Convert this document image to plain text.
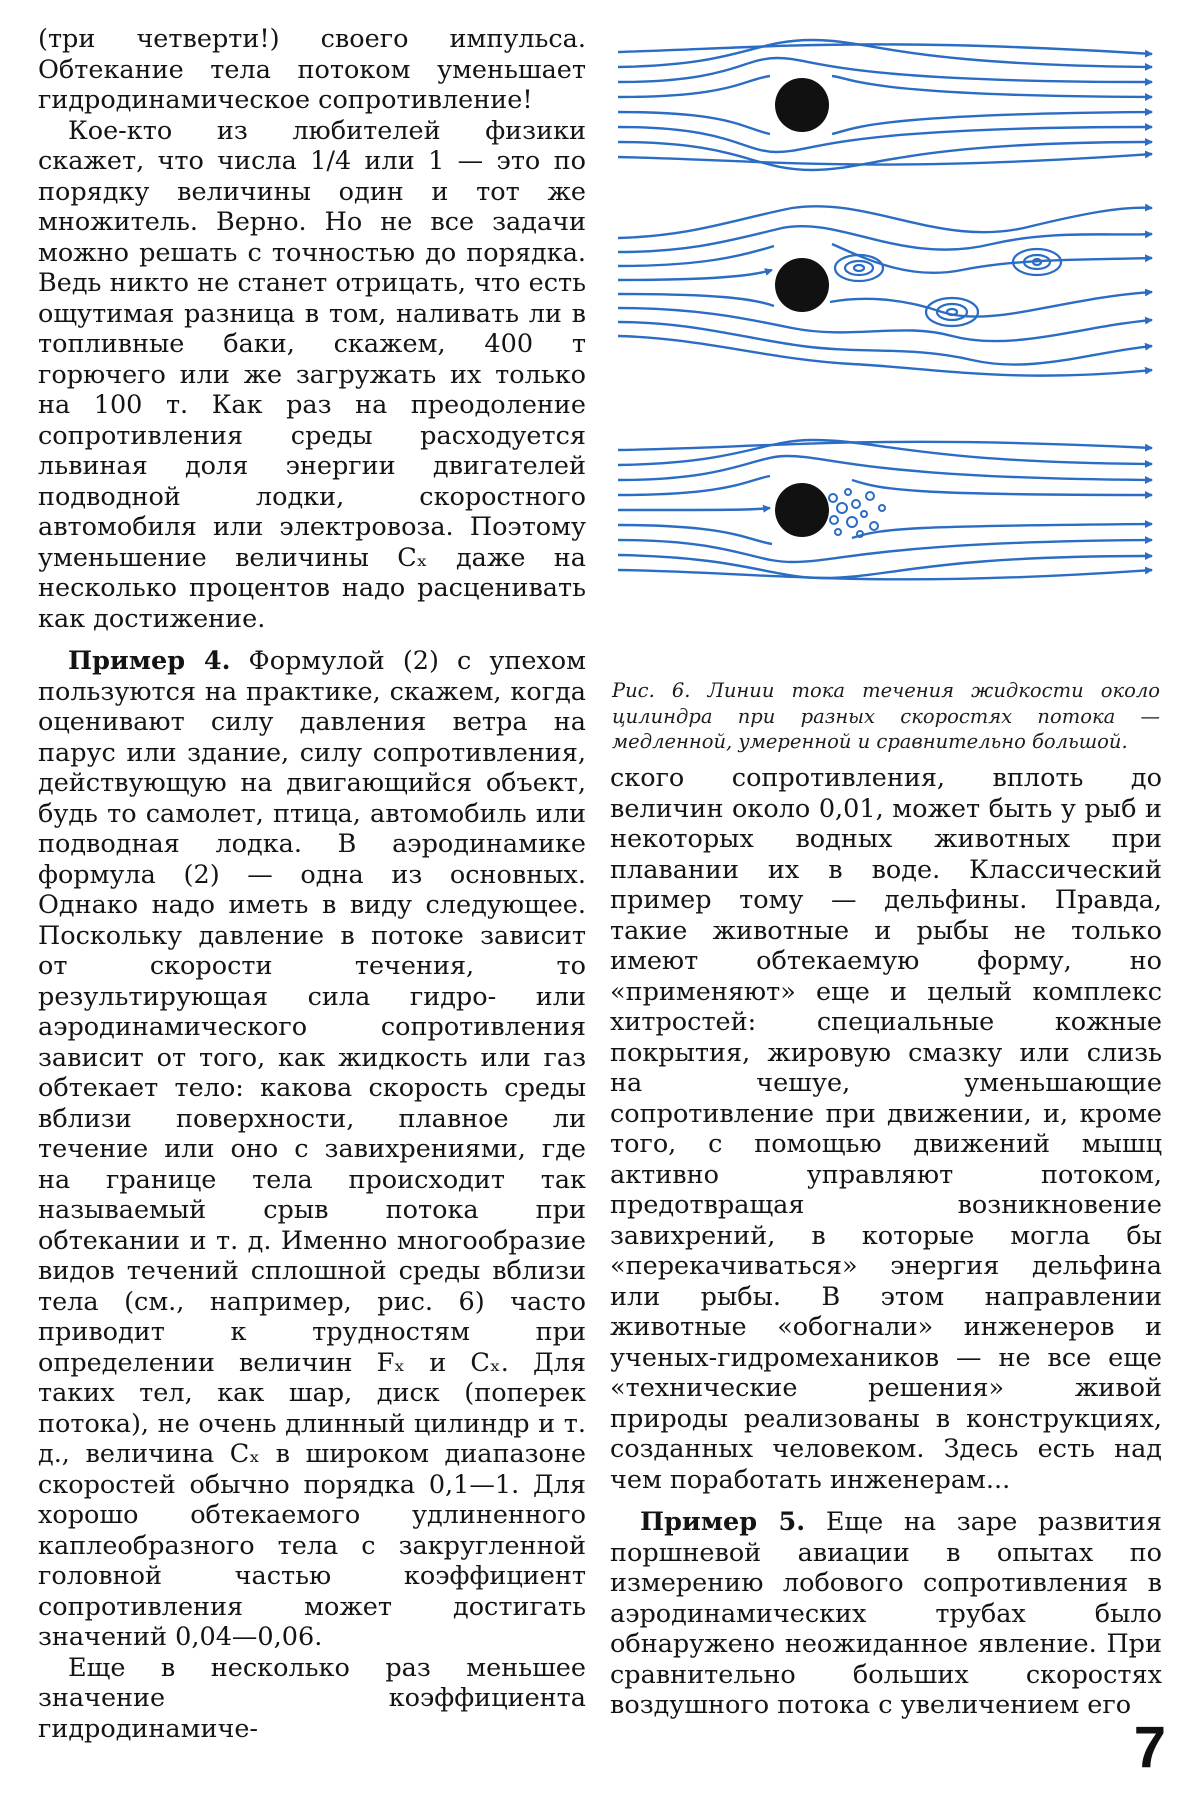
(три четверти!) своего импульса. Обтекание тела потоком уменьшает гидродинамическое сопротивление!

Кое-кто из любителей физики скажет, что числа 1/4 или 1 — это по порядку величины один и тот же множитель. Верно. Но не все задачи можно решать с точностью до порядка. Ведь никто не станет отрицать, что есть ощутимая разница в том, наливать ли в топливные баки, скажем, 400 т горючего или же загружать их только на 100 т. Как раз на преодоление сопротивления среды расходуется львиная доля энергии двигателей подводной лодки, скоростного автомобиля или электровоза. Поэтому уменьшение величины Cₓ даже на несколько процентов надо расценивать как достижение.

Пример 4. Формулой (2) с упехом пользуются на практике, скажем, когда оценивают силу давления ветра на парус или здание, силу сопротивления, действующую на двигающийся объект, будь то самолет, птица, автомобиль или подводная лодка. В аэродинамике формула (2) — одна из основных. Однако надо иметь в виду следующее. Поскольку давление в потоке зависит от скорости течения, то результирующая сила гидро- или аэродинамического сопротивления зависит от того, как жидкость или газ обтекает тело: какова скорость среды вблизи поверхности, плавное ли течение или оно с завихрениями, где на границе тела происходит так называемый срыв потока при обтекании и т. д. Именно многообразие видов течений сплошной среды вблизи тела (см., например, рис. 6) часто приводит к трудностям при определении величин Fₓ и Cₓ. Для таких тел, как шар, диск (поперек потока), не очень длинный цилиндр и т. д., величина Cₓ в широком диапазоне скоростей обычно порядка 0,1—1. Для хорошо обтекаемого удлиненного каплеобразного тела с закругленной головной частью коэффициент сопротивления может достигать значений 0,04—0,06.

Еще в несколько раз меньшее значение коэффициента гидродинамиче-

Рис. 6. Линии тока течения жидкости около цилиндра при разных скоростях потока — медленной, умеренной и сравнительно большой.

ского сопротивления, вплоть до величин около 0,01, может быть у рыб и некоторых водных животных при плавании их в воде. Классический пример тому — дельфины. Правда, такие животные и рыбы не только имеют обтекаемую форму, но «применяют» еще и целый комплекс хитростей: специальные кожные покрытия, жировую смазку или слизь на чешуе, уменьшающие сопротивление при движении, и, кроме того, с помощью движений мышц активно управляют потоком, предотвращая возникновение завихрений, в которые могла бы «перекачиваться» энергия дельфина или рыбы. В этом направлении животные «обогнали» инженеров и ученых-гидромехаников — не все еще «технические решения» живой природы реализованы в конструкциях, созданных человеком. Здесь есть над чем поработать инженерам...

Пример 5. Еще на заре развития поршневой авиации в опытах по измерению лобового сопротивления в аэродинамических трубах было обнаружено неожиданное явление. При сравнительно больших скоростях воздушного потока с увеличением его

7
